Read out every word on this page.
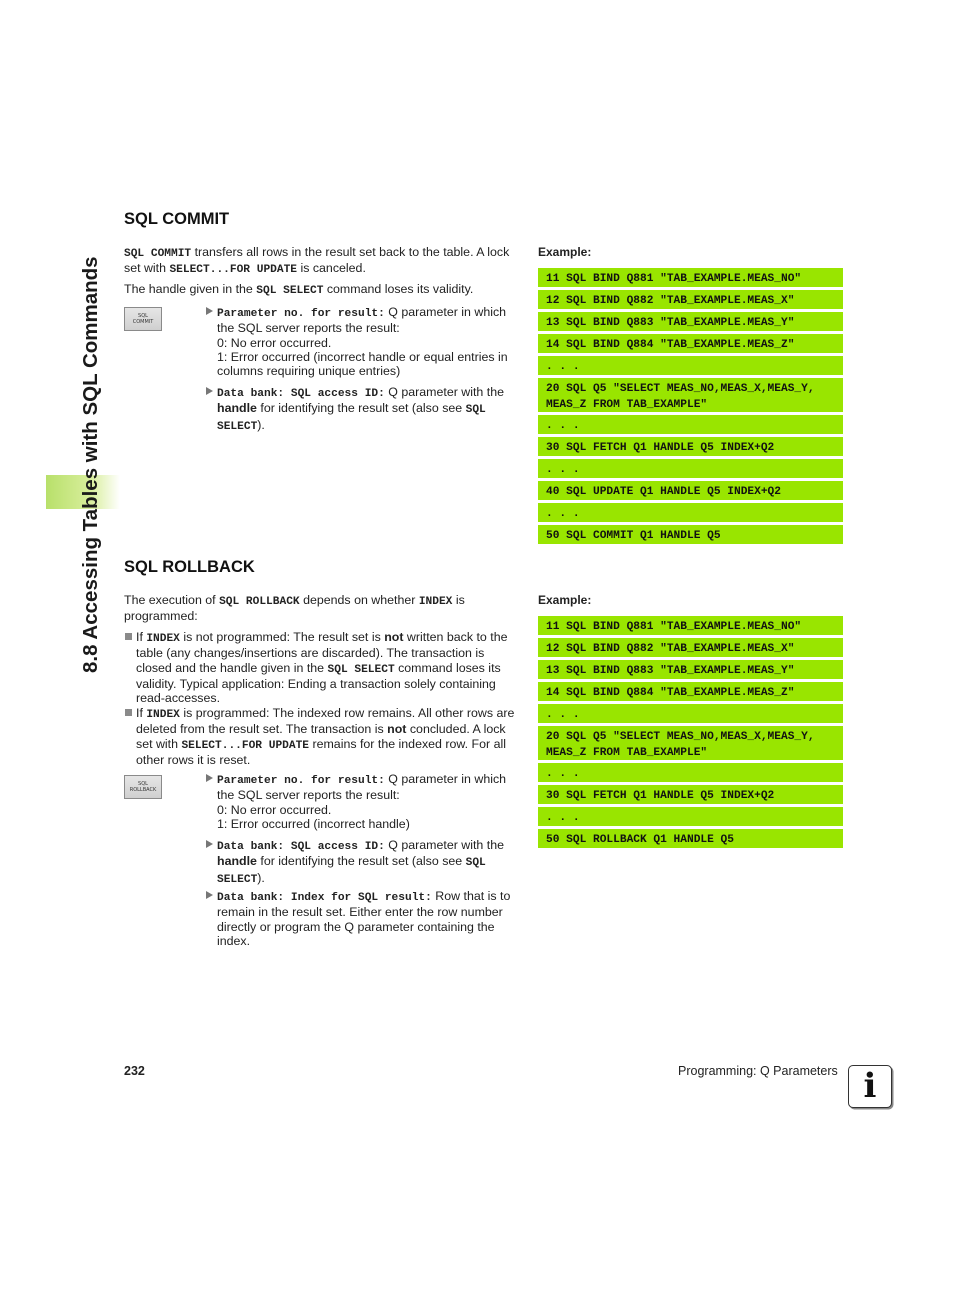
8.8 Accessing Tables with SQL Commands
SQL COMMIT

SQL COMMIT transfers all rows in the result set back to the table. A lock set with SELECT...FOR UPDATE is canceled.

The handle given in the SQL SELECT command loses its validity.

SQL
COMMIT
Parameter no. for result: Q parameter in which the SQL server reports the result:
0: No error occurred.
1: Error occurred (incorrect handle or equal entries in columns requiring unique entries)
Data bank: SQL access ID: Q parameter with the handle for identifying the result set (also see SQL SELECT).
Example:
11 SQL BIND Q881 "TAB_EXAMPLE.MEAS_NO"
12 SQL BIND Q882 "TAB_EXAMPLE.MEAS_X"
13 SQL BIND Q883 "TAB_EXAMPLE.MEAS_Y"
14 SQL BIND Q884 "TAB_EXAMPLE.MEAS_Z"
. . .
20 SQL Q5 "SELECT MEAS_NO,MEAS_X,MEAS_Y,
MEAS_Z FROM TAB_EXAMPLE"
. . .
30 SQL FETCH Q1 HANDLE Q5 INDEX+Q2
. . .
40 SQL UPDATE Q1 HANDLE Q5 INDEX+Q2
. . .
50 SQL COMMIT Q1 HANDLE Q5
SQL ROLLBACK

The execution of SQL ROLLBACK depends on whether INDEX is programmed:

If INDEX is not programmed: The result set is not written back to the table (any changes/insertions are discarded). The transaction is closed and the handle given in the SQL SELECT command loses its validity. Typical application: Ending a transaction solely containing read-accesses.

If INDEX is programmed: The indexed row remains. All other rows are deleted from the result set. The transaction is not concluded. A lock set with SELECT...FOR UPDATE remains for the indexed row. For all other rows it is reset.

SQL
ROLLBACK
Parameter no. for result: Q parameter in which the SQL server reports the result:
0: No error occurred.
1: Error occurred (incorrect handle)
Data bank: SQL access ID: Q parameter with the handle for identifying the result set (also see SQL SELECT).
Data bank: Index for SQL result: Row that is to remain in the result set. Either enter the row number directly or program the Q parameter containing the index.
Example:
11 SQL BIND Q881 "TAB_EXAMPLE.MEAS_NO"
12 SQL BIND Q882 "TAB_EXAMPLE.MEAS_X"
13 SQL BIND Q883 "TAB_EXAMPLE.MEAS_Y"
14 SQL BIND Q884 "TAB_EXAMPLE.MEAS_Z"
. . .
20 SQL Q5 "SELECT MEAS_NO,MEAS_X,MEAS_Y,
MEAS_Z FROM TAB_EXAMPLE"
. . .
30 SQL FETCH Q1 HANDLE Q5 INDEX+Q2
. . .
50 SQL ROLLBACK Q1 HANDLE Q5
232	Programming: Q Parameters i
